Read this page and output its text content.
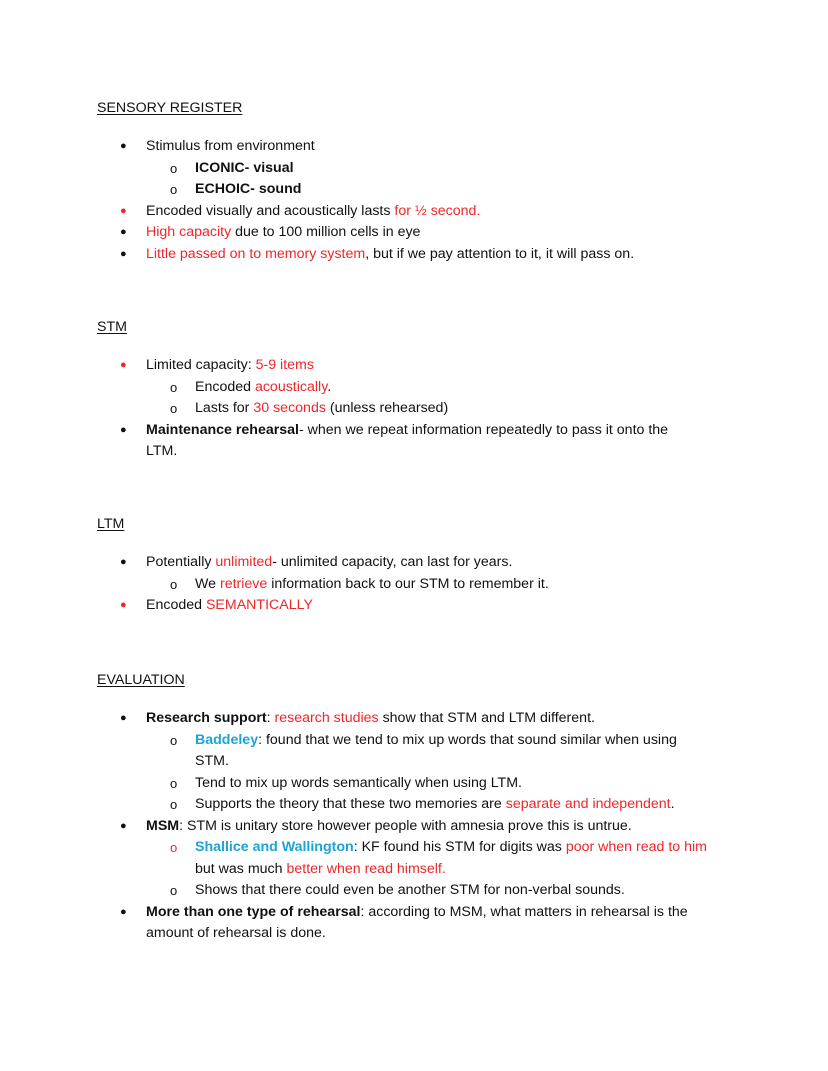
SENSORY REGISTER
● Stimulus from environment
o ICONIC- visual
o ECHOIC- sound
● Encoded visually and acoustically lasts for ½ second.
● High capacity due to 100 million cells in eye
● Little passed on to memory system, but if we pay attention to it, it will pass on.
STM
● Limited capacity: 5-9 items
o Encoded acoustically.
o Lasts for 30 seconds (unless rehearsed)
● Maintenance rehearsal- when we repeat information repeatedly to pass it onto the
LTM.
LTM
● Potentially unlimited- unlimited capacity, can last for years.
o We retrieve information back to our STM to remember it.
● Encoded SEMANTICALLY
EVALUATION
● Research support: research studies show that STM and LTM different.
o Baddeley: found that we tend to mix up words that sound similar when using
STM.
o Tend to mix up words semantically when using LTM.
o Supports the theory that these two memories are separate and independent.
● MSM: STM is unitary store however people with amnesia prove this is untrue.
o Shallice and Wallington: KF found his STM for digits was poor when read to him
but was much better when read himself.
o Shows that there could even be another STM for non-verbal sounds.
● More than one type of rehearsal: according to MSM, what matters in rehearsal is the
amount of rehearsal is done.
